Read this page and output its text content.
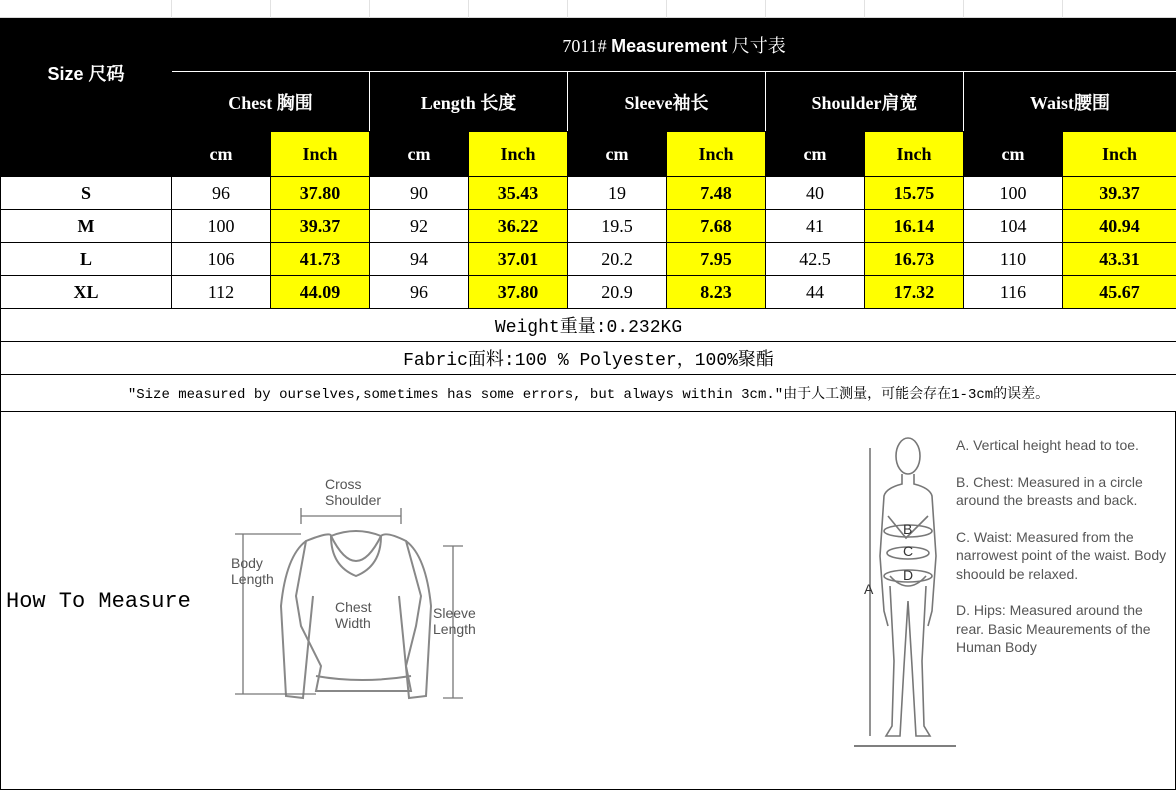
Size 尺码	7011# Measurement 尺寸表									
	Chest 胸围		Length 长度		Sleeve袖长		Shoulder肩宽		Waist腰围	
	cm	Inch	cm	Inch	cm	Inch	cm	Inch	cm	Inch
S	96	37.80	90	35.43	19	7.48	40	15.75	100	39.37
M	100	39.37	92	36.22	19.5	7.68	41	16.14	104	40.94
L	106	41.73	94	37.01	20.2	7.95	42.5	16.73	110	43.31
XL	112	44.09	96	37.80	20.9	8.23	44	17.32	116	45.67
Weight重量:0.232KG										
Fabric面料:100 % Polyester，100%聚酯										
"Size measured by ourselves,sometimes has some errors, but always within 3cm."由于人工测量，可能会存在1-3cm的误差。										
How To Measure
Cross
Shoulder
Body
Length
Chest
Width
Sleeve
Length
B
C
D
A

A. Vertical height head to toe.

B. Chest: Measured in a circle around the breasts and back.

C. Waist: Measured from the narrowest point of the waist. Body shoould be relaxed.

D. Hips: Measured around the rear. Basic Meaurements of the Human Body
